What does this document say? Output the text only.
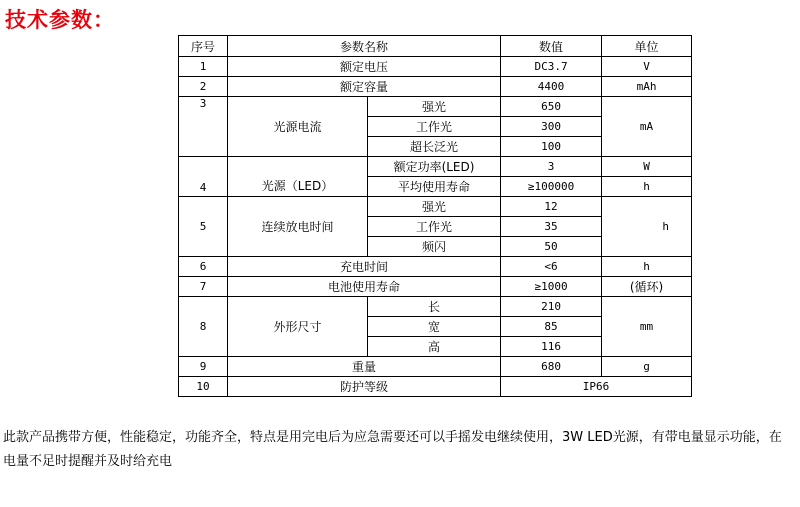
技术参数：
序号	参数名称		数值	单位
1	额定电压		DC3.7	V
2	额定容量		4400	mAh
3	光源电流	强光	650	mA
		工作光	300	
		超长泛光	100	
4	光源（LED）	额定功率(LED)	3	W
		平均使用寿命	≥100000	h
5	连续放电时间	强光	12	h
		工作光	35	
		频闪	50	
6	充电时间		<6	h
7	电池使用寿命		≥1000	(循环)
8	外形尺寸	长	210	mm
		宽	85	
		高	116	
9	重量		680	g
10	防护等级		IP66	

此款产品携带方便，性能稳定，功能齐全，特点是用完电后为应急需要还可以手摇发电继续使用，3W LED光源，有带电量显示功能，在电量不足时提醒并及时给充电
